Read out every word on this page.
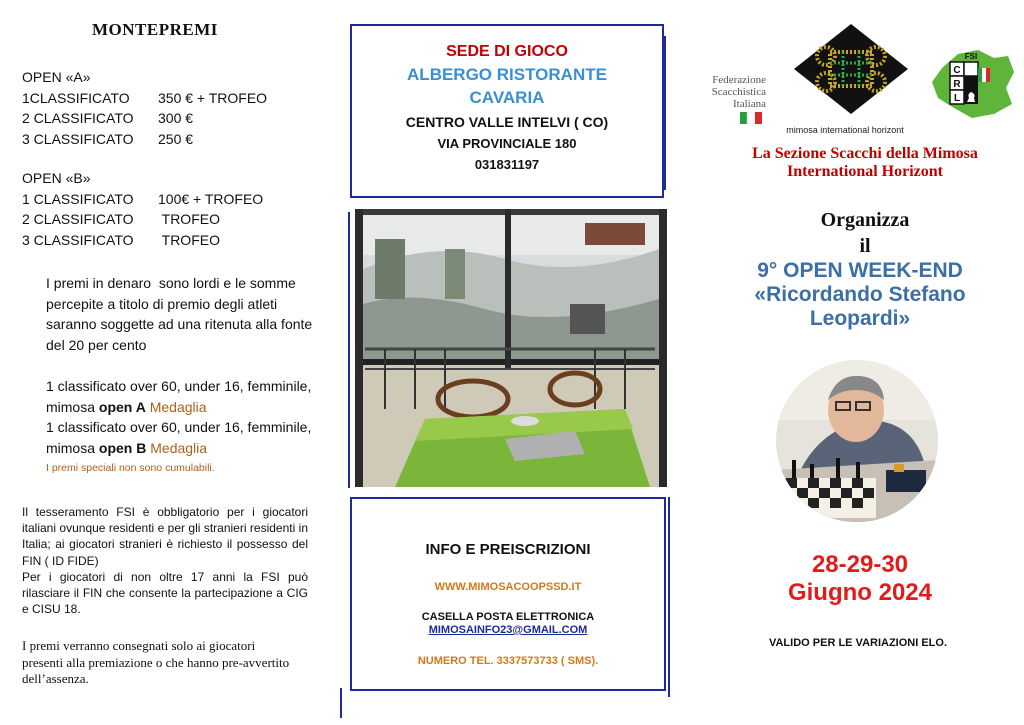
MONTEPREMI
OPEN «A»
1CLASSIFICATO	350 € + TROFEO
2 CLASSIFICATO	300 €
3 CLASSIFICATO	250 €
OPEN «B»
1 CLASSIFICATO	100€ + TROFEO
2 CLASSIFICATO	TROFEO
3 CLASSIFICATO	TROFEO
I premi in denaro  sono lordi e le somme percepite a titolo di premio degli atleti saranno soggette ad una ritenuta alla fonte del 20 per cento
1 classificato over 60, under 16, femminile, mimosa open A Medaglia
1 classificato over 60, under 16, femminile, mimosa open B Medaglia
I premi speciali non sono cumulabili.

Il tesseramento FSI è obbligatorio per i giocatori italiani ovunque residenti e per gli stranieri residenti in Italia; ai giocatori stranieri è richiesto il possesso del FIN ( ID FIDE)

Per i giocatori di non oltre 17 anni la FSI può rilasciare il FIN che consente la partecipazione a CIG e CISU 18.

I premi verranno consegnati solo ai giocatori presenti alla premiazione o che hanno pre-avvertito dell’assenza.
SEDE DI GIOCO
ALBERGO RISTORANTE
CAVARIA
CENTRO VALLE INTELVI ( CO)
VIA PROVINCIALE 180
031831197
INFO E PREISCRIZIONI
WWW.MIMOSACOOPSSD.IT
CASELLA POSTA ELETTRONICA
MIMOSAINFO23@GMAIL.COM
NUMERO TEL. 3337573733 ( SMS).
Federazione
Scacchistica
Italiana
mimosa international horizont
C
FSI
R
L
La Sezione Scacchi della Mimosa International Horizont
Organizza
il
9° OPEN WEEK-END
«Ricordando Stefano
Leopardi»
28-29-30
Giugno 2024
VALIDO PER LE VARIAZIONI ELO.
